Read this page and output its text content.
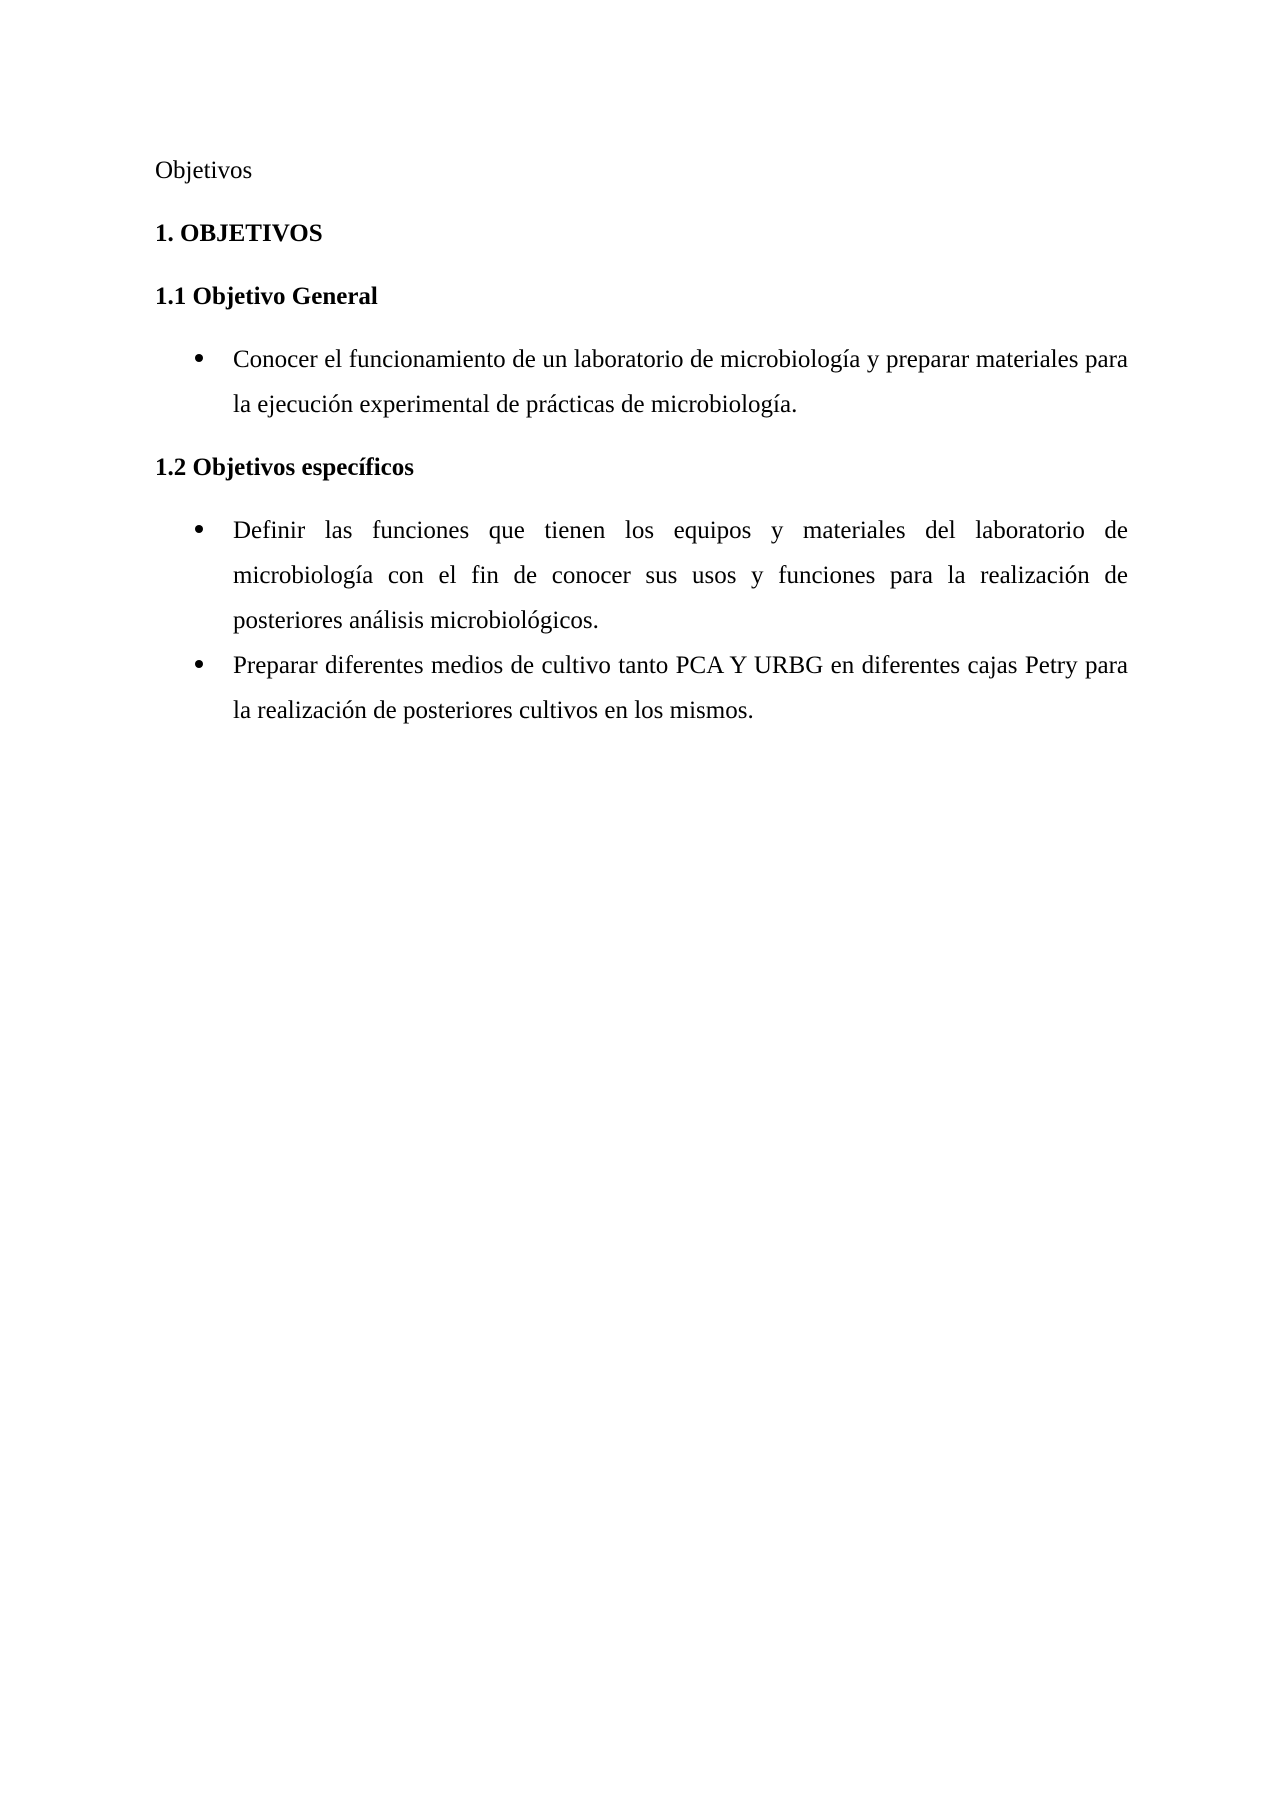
Objetivos

1. OBJETIVOS

1.1 Objetivo General

Conocer el funcionamiento de un laboratorio de microbiología y preparar materiales para la ejecución experimental de prácticas de microbiología.

1.2 Objetivos específicos

Definir las funciones que tienen los equipos y materiales del laboratorio de microbiología con el fin de conocer sus usos y funciones para la realización de posteriores análisis microbiológicos.
Preparar diferentes medios de cultivo tanto PCA Y URBG en diferentes cajas Petry para la realización de posteriores cultivos en los mismos.
